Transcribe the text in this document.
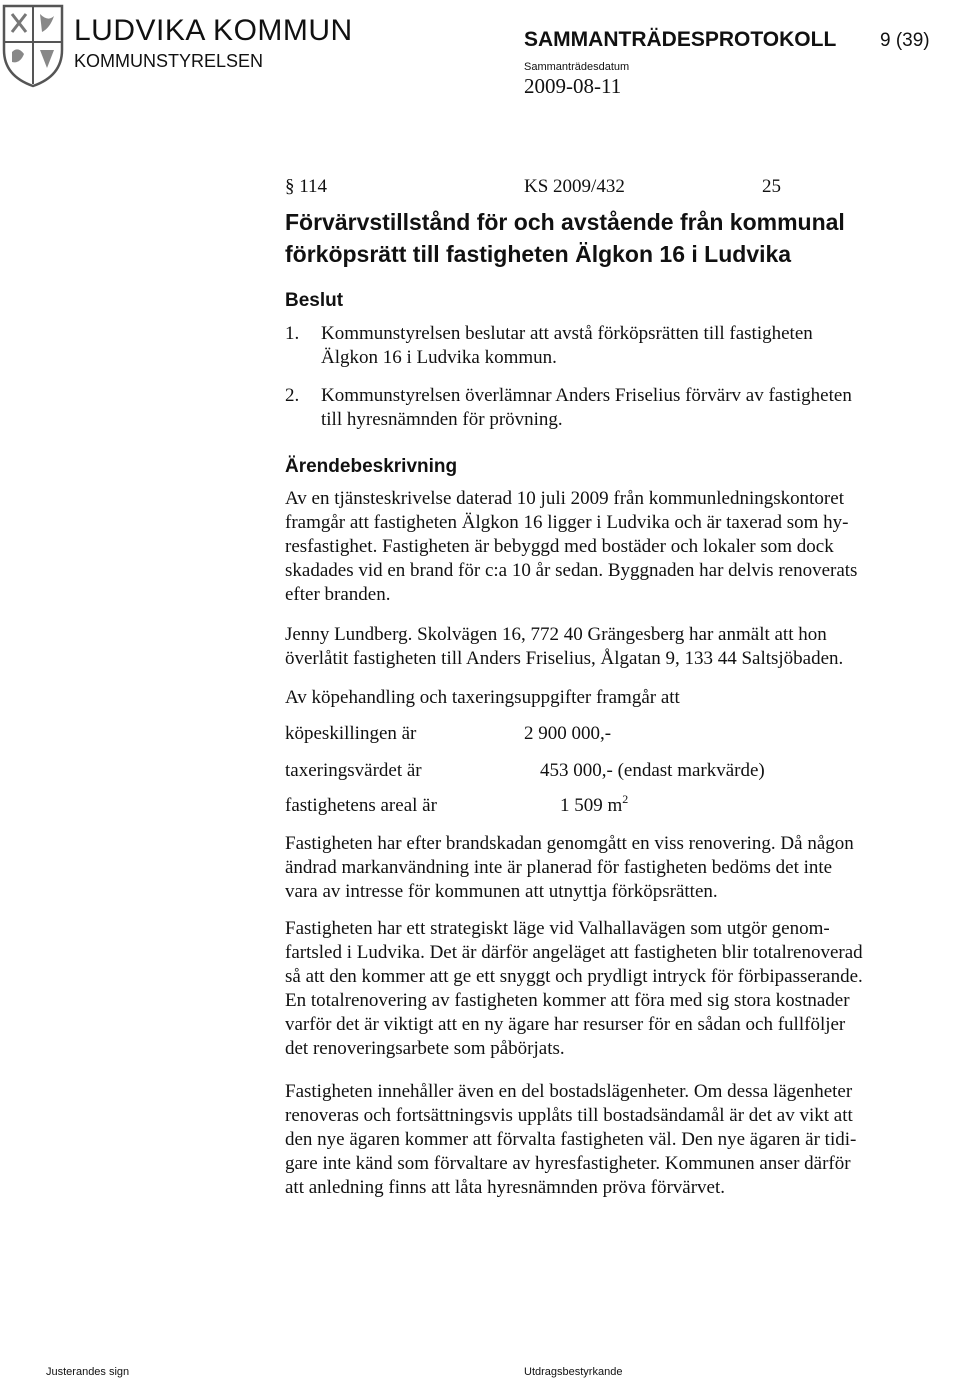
LUDVIKA KOMMUN
KOMMUNSTYRELSEN
SAMMANTRÄDESPROTOKOLL 9 (39)
Sammanträdesdatum
2009-08-11
§ 114	KS 2009/432	25
Förvärvstillstånd för och avstående från kommunal
förköpsrätt till fastigheten Älgkon 16 i Ludvika
Beslut
1. Kommunstyrelsen beslutar att avstå förköpsrätten till fastigheten
Älgkon 16 i Ludvika kommun.
2. Kommunstyrelsen överlämnar Anders Friselius förvärv av fastigheten
till hyresnämnden för prövning.
Ärendebeskrivning
Av en tjänsteskrivelse daterad 10 juli 2009 från kommunledningskontoret
framgår att fastigheten Älgkon 16 ligger i Ludvika och är taxerad som hy-
resfastighet. Fastigheten är bebyggd med bostäder och lokaler som dock
skadades vid en brand för c:a 10 år sedan. Byggnaden har delvis renoverats
efter branden.
Jenny Lundberg. Skolvägen 16, 772 40 Grängesberg har anmält att hon
överlåtit fastigheten till Anders Friselius, Ålgatan 9, 133 44 Saltsjöbaden.
Av köpehandling och taxeringsuppgifter framgår att
köpeskillingen är	2 900 000,-
taxeringsvärdet är	453 000,- (endast markvärde)
fastighetens areal är	1 509 $m^2$
Fastigheten har efter brandskadan genomgått en viss renovering. Då någon
ändrad markanvändning inte är planerad för fastigheten bedöms det inte
vara av intresse för kommunen att utnyttja förköpsrätten.
Fastigheten har ett strategiskt läge vid Valhallavägen som utgör genom-
fartsled i Ludvika. Det är därför angeläget att fastigheten blir totalrenoverad
så att den kommer att ge ett snyggt och prydligt intryck för förbipasserande.
En totalrenovering av fastigheten kommer att föra med sig stora kostnader
varför det är viktigt att en ny ägare har resurser för en sådan och fullföljer
det renoveringsarbete som påbörjats.
Fastigheten innehåller även en del bostadslägenheter. Om dessa lägenheter
renoveras och fortsättningsvis upplåts till bostadsändamål är det av vikt att
den nye ägaren kommer att förvalta fastigheten väl. Den nye ägaren är tidi-
gare inte känd som förvaltare av hyresfastigheter. Kommunen anser därför
att anledning finns att låta hyresnämnden pröva förvärvet.
Justerandes sign	Utdragsbestyrkande
